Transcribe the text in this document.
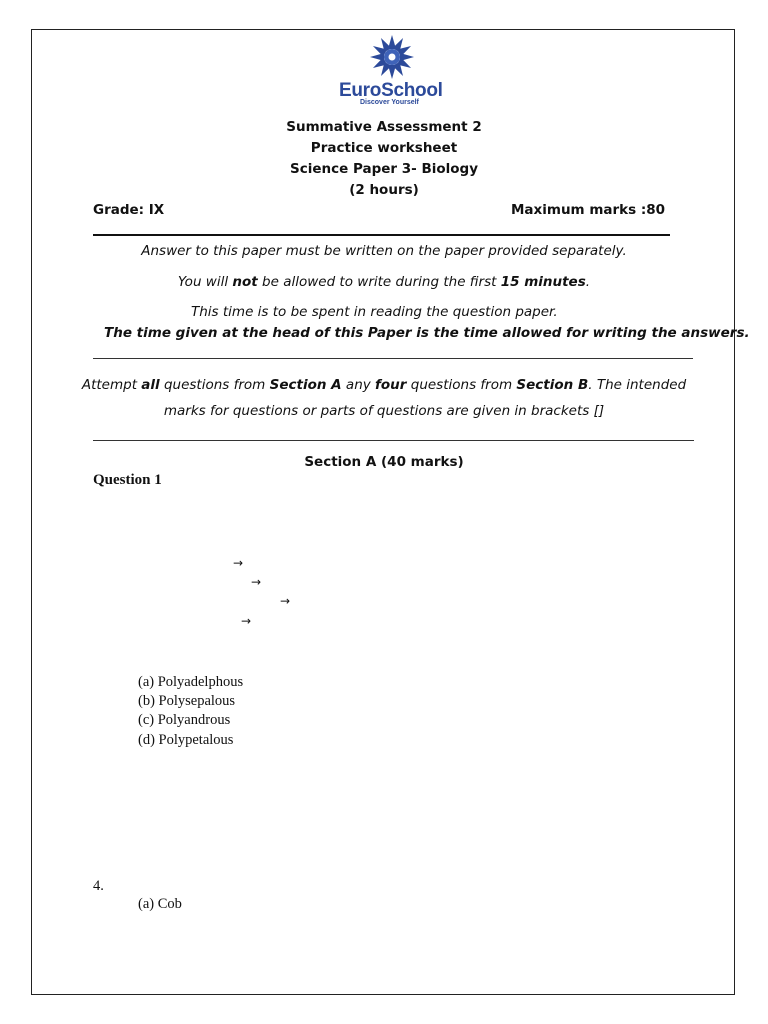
EuroSchool
Discover Yourself
Summative Assessment 2
Practice worksheet
Science Paper 3- Biology
(2 hours)
Grade: IX	Maximum marks :80
Answer to this paper must be written on the paper provided separately.
You will not be allowed to write during the first 15 minutes.
This time is to be spent in reading the question paper.
The time given at the head of this Paper is the time allowed for writing the answers.
Attempt all questions from Section A any four questions from Section B. The intended
marks for questions or parts of questions are given in brackets []
Section A (40 marks)
Question 1
→
→
→
→
(a) Polyadelphous
(b) Polysepalous
(c) Polyandrous
(d) Polypetalous
4.
(a) Cob
